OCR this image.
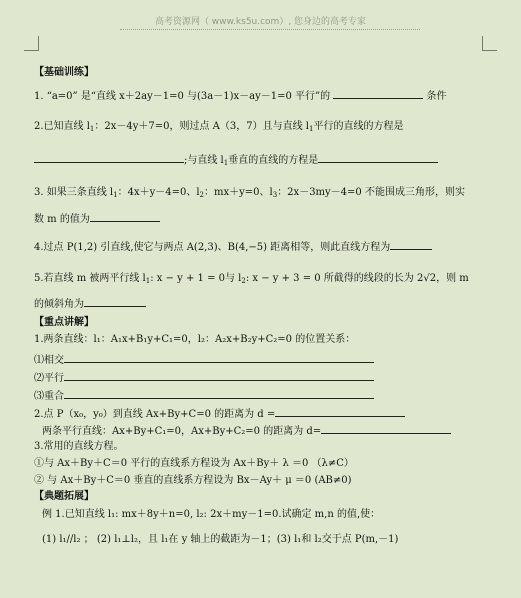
高考资源网（ www.ks5u.com）, 您身边的高考专家
【基础训练】
1. “a=0” 是“直线 x＋2ay－1=0 与(3a－1)x－ay－1=0 平行”的	条件
2.已知直线 $l_1$：2x－4y＋7=0，则过点 A（3，7）且与直线 $l_1$平行的直线的方程是
;与直线 $l_1$垂直的直线的方程是
3. 如果三条直线 $l_1$：4x＋y－4=0、$l_2$：mx＋y=0、$l_3$：2x－3my－4=0 不能围成三角形，则实
数 m 的值为
4.过点 P(1,2) 引直线,使它与两点 A(2,3)、B(4,−5) 距离相等，则此直线方程为
5.若直线 m 被两平行线 $l_1$: x − y + 1 = 0与 $l_2$: x − y + 3 = 0 所截得的线段的长为 2√2，则 m
的倾斜角为
【重点讲解】
1.两条直线：l₁：A₁x+B₁y+C₁=0，l₂：A₂x+B₂y+C₂=0 的位置关系：
⑴相交
⑵平行
⑶重合
2.点 P（x₀，y₀）到直线 Ax+By+C=0 的距离为 d =
两条平行直线：Ax+By+C₁=0，Ax+By+C₂=0 的距离为 d=
3.常用的直线方程。
①与 Ax＋By＋C＝0 平行的直线系方程设为 Ax＋By＋ λ ＝0 （λ≠C）
② 与 Ax＋By＋C＝0 垂直的直线系方程设为 Bx－Ay＋ μ ＝0 (AB≠0)
【典题拓展】
例 1.已知直线 l₁: mx＋8y＋n=0, l₂: 2x＋my－1=0.试确定 m,n 的值,使：
(1) l₁//l₂ ； (2) l₁⊥l₂，且 l₁在 y 轴上的截距为－1；(3) l₁和 l₂交于点 P(m,－1)
